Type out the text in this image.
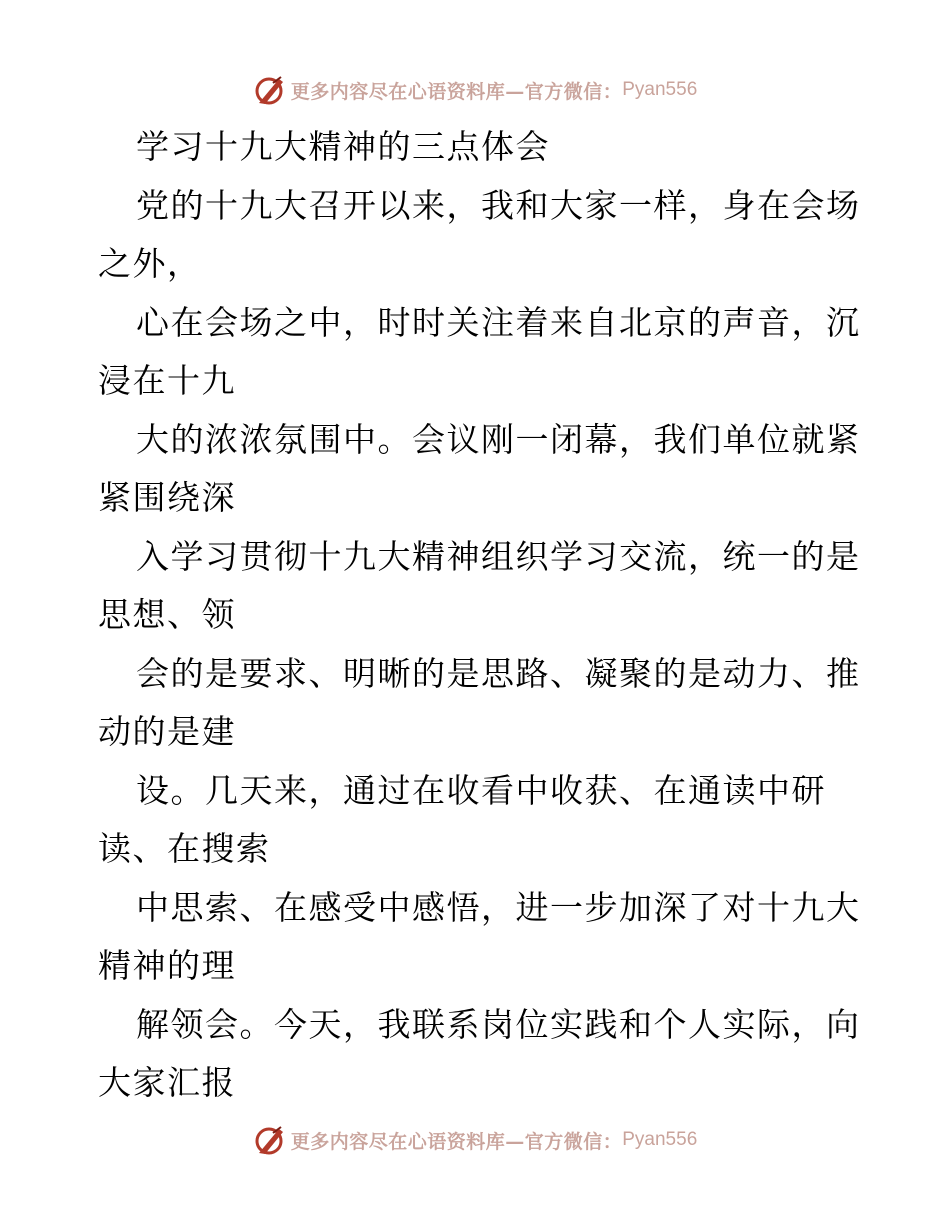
更多内容尽在心语资料库—官方微信： Pyan556
学习十九大精神的三点体会
党的十九大召开以来，我和大家一样，身在会场
之外，
心在会场之中，时时关注着来自北京的声音，沉
浸在十九
大的浓浓氛围中。会议刚一闭幕，我们单位就紧
紧围绕深
入学习贯彻十九大精神组织学习交流，统一的是
思想、领
会的是要求、明晰的是思路、凝聚的是动力、推
动的是建
设。几天来，通过在收看中收获、在通读中研
读、在搜索
中思索、在感受中感悟，进一步加深了对十九大
精神的理
解领会。今天，我联系岗位实践和个人实际，向
大家汇报
更多内容尽在心语资料库—官方微信： Pyan556
